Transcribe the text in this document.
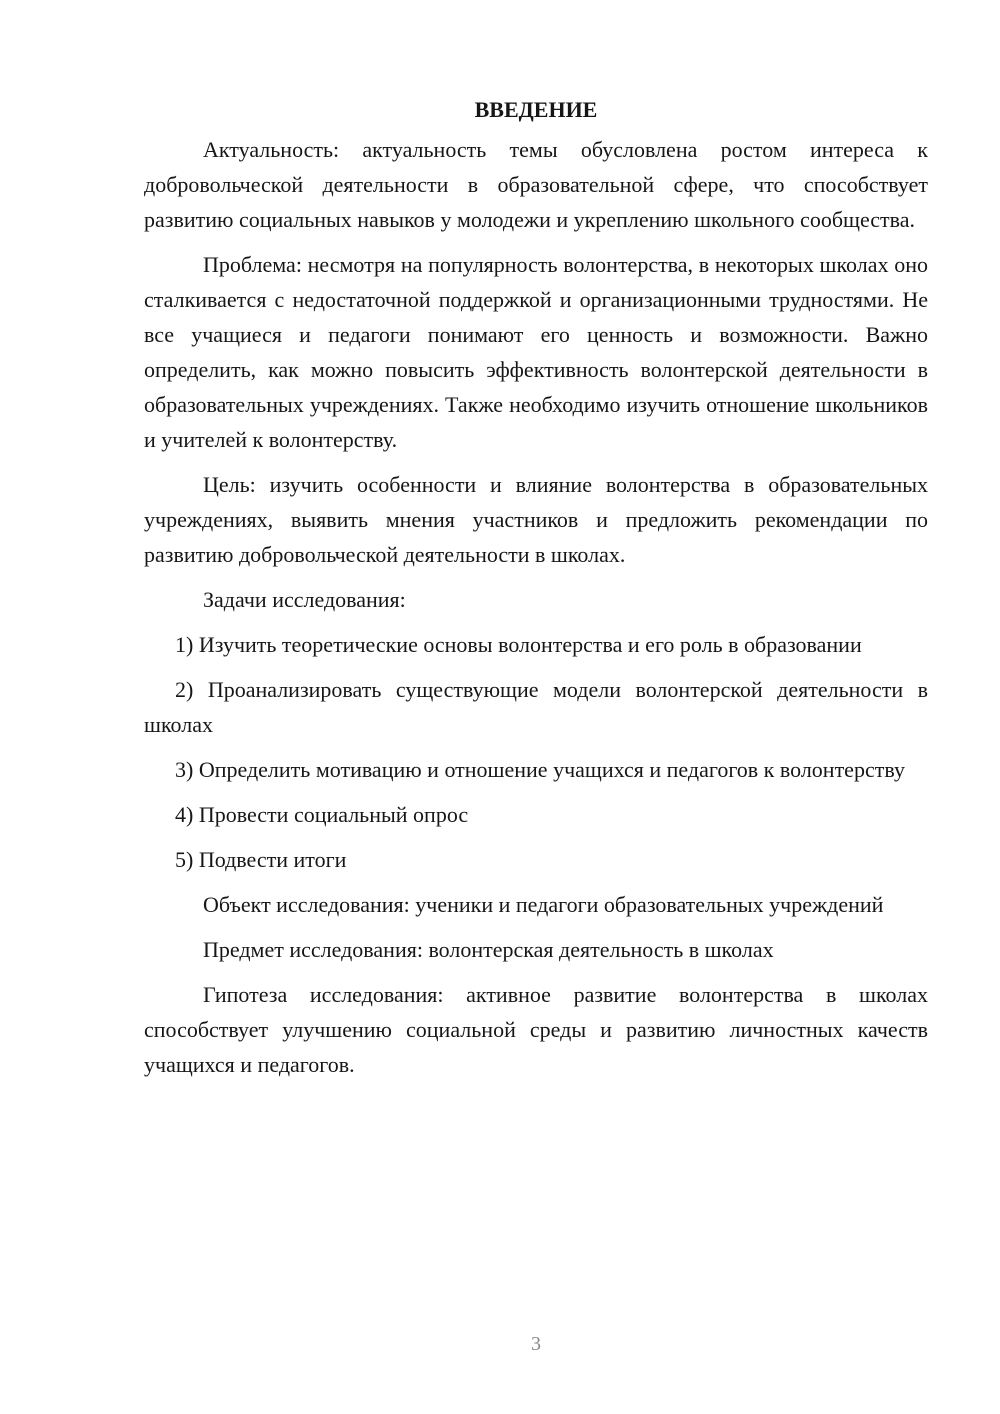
ВВЕДЕНИЕ

Актуальность: актуальность темы обусловлена ростом интереса к добровольческой деятельности в образовательной сфере, что способствует развитию социальных навыков у молодежи и укреплению школьного сообщества.

Проблема: несмотря на популярность волонтерства, в некоторых школах оно сталкивается с недостаточной поддержкой и организационными трудностями. Не все учащиеся и педагоги понимают его ценность и возможности. Важно определить, как можно повысить эффективность волонтерской деятельности в образовательных учреждениях. Также необходимо изучить отношение школьников и учителей к волонтерству.

Цель: изучить особенности и влияние волонтерства в образовательных учреждениях, выявить мнения участников и предложить рекомендации по развитию добровольческой деятельности в школах.

Задачи исследования:

1) Изучить теоретические основы волонтерства и его роль в образовании

2) Проанализировать существующие модели волонтерской деятельности в школах

3) Определить мотивацию и отношение учащихся и педагогов к волонтерству

4) Провести социальный опрос

5) Подвести итоги

Объект исследования: ученики и педагоги образовательных учреждений

Предмет исследования: волонтерская деятельность в школах

Гипотеза исследования: активное развитие волонтерства в школах способствует улучшению социальной среды и развитию личностных качеств учащихся и педагогов.

3
